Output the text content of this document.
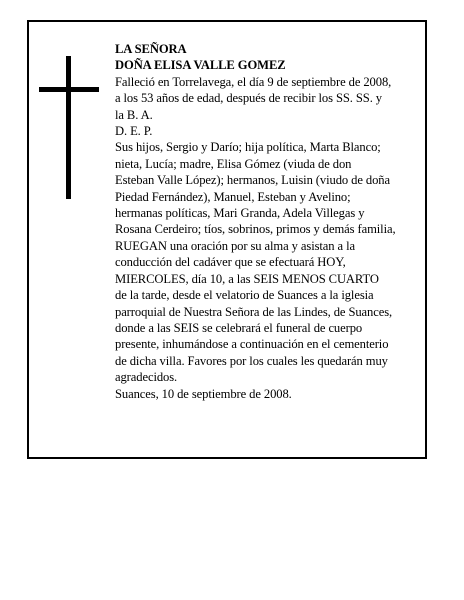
LA SEÑORA
DOÑA ELISA VALLE GOMEZ
Falleció en Torrelavega, el día 9 de septiembre de 2008,
a los 53 años de edad, después de recibir los SS. SS. y
la B. A.
D. E. P.
Sus hijos, Sergio y Darío; hija política, Marta Blanco;
nieta, Lucía; madre, Elisa Gómez (viuda de don
Esteban Valle López); hermanos, Luisin (viudo de doña
Piedad Fernández), Manuel, Esteban y Avelino;
hermanas políticas, Mari Granda, Adela Villegas y
Rosana Cerdeiro; tíos, sobrinos, primos y demás familia,
RUEGAN una oración por su alma y asistan a la
conducción del cadáver que se efectuará HOY,
MIERCOLES, día 10, a las SEIS MENOS CUARTO
de la tarde, desde el velatorio de Suances a la iglesia
parroquial de Nuestra Señora de las Lindes, de Suances,
donde a las SEIS se celebrará el funeral de cuerpo
presente, inhumándose a continuación en el cementerio
de dicha villa. Favores por los cuales les quedarán muy
agradecidos.
Suances, 10 de septiembre de 2008.
